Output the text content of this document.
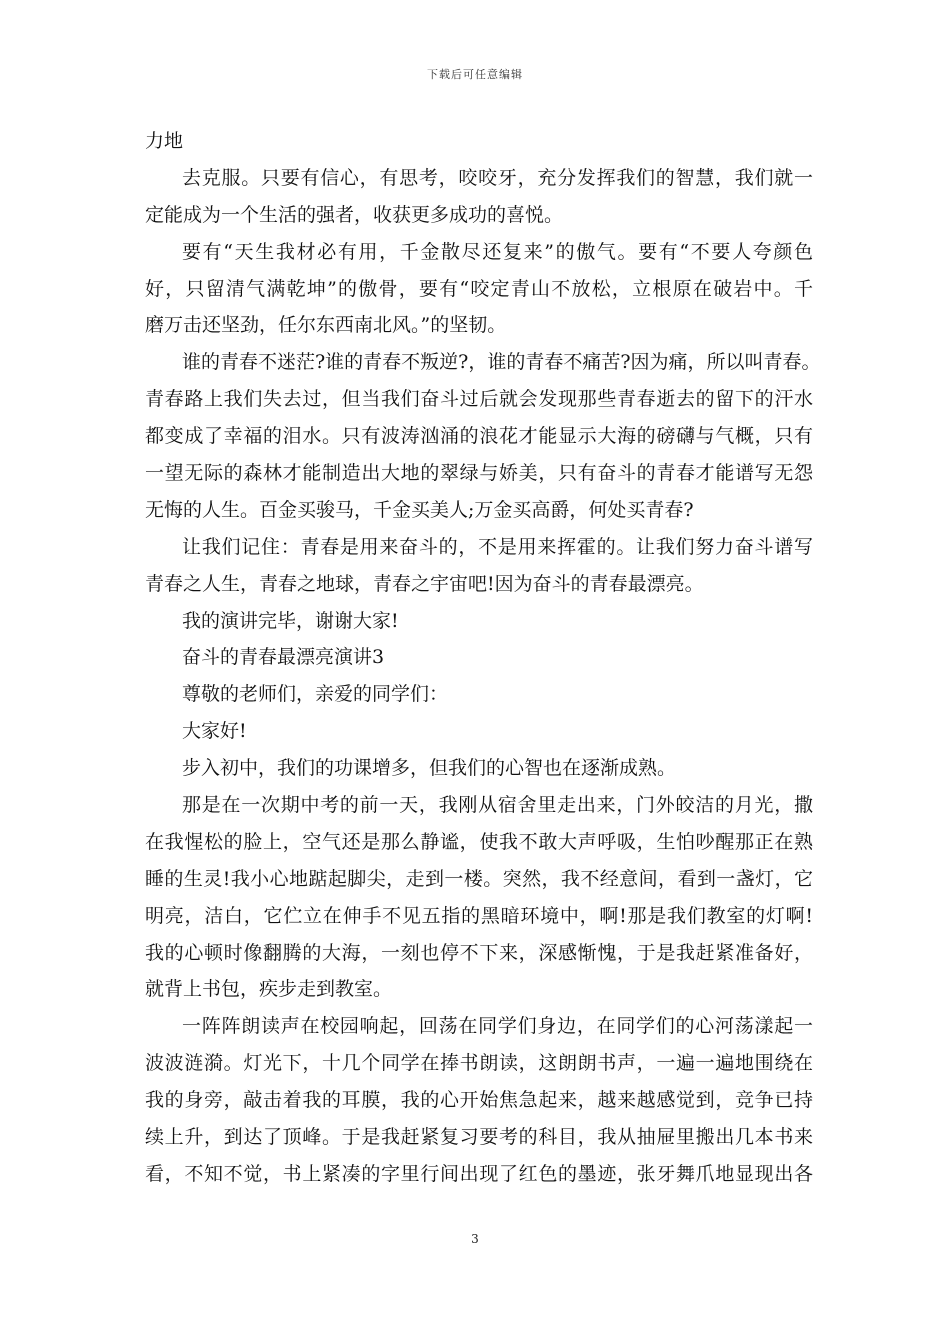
下载后可任意编辑
力地
去克服。只要有信心，有思考，咬咬牙，充分发挥我们的智慧，我们就一
定能成为一个生活的强者，收获更多成功的喜悦。
要有“天生我材必有用，千金散尽还复来”的傲气。要有“不要人夸颜色
好，只留清气满乾坤”的傲骨，要有“咬定青山不放松，立根原在破岩中。千
磨万击还坚劲，任尔东西南北风。”的坚韧。
谁的青春不迷茫?谁的青春不叛逆?，谁的青春不痛苦?因为痛，所以叫青春。
青春路上我们失去过，但当我们奋斗过后就会发现那些青春逝去的留下的汗水
都变成了幸福的泪水。只有波涛汹涌的浪花才能显示大海的磅礴与气概，只有
一望无际的森林才能制造出大地的翠绿与娇美，只有奋斗的青春才能谱写无怨
无悔的人生。百金买骏马，千金买美人;万金买高爵，何处买青春?
让我们记住：青春是用来奋斗的，不是用来挥霍的。让我们努力奋斗谱写
青春之人生，青春之地球，青春之宇宙吧!因为奋斗的青春最漂亮。
我的演讲完毕，谢谢大家!
奋斗的青春最漂亮演讲3
尊敬的老师们，亲爱的同学们：
大家好!
步入初中，我们的功课增多，但我们的心智也在逐渐成熟。
那是在一次期中考的前一天，我刚从宿舍里走出来，门外皎洁的月光，撒
在我惺松的脸上，空气还是那么静谧，使我不敢大声呼吸，生怕吵醒那正在熟
睡的生灵!我小心地踮起脚尖，走到一楼。突然，我不经意间，看到一盏灯，它
明亮，洁白，它伫立在伸手不见五指的黑暗环境中，啊!那是我们教室的灯啊!
我的心顿时像翻腾的大海，一刻也停不下来，深感惭愧，于是我赶紧准备好，
就背上书包，疾步走到教室。
一阵阵朗读声在校园响起，回荡在同学们身边，在同学们的心河荡漾起一
波波涟漪。灯光下，十几个同学在捧书朗读，这朗朗书声，一遍一遍地围绕在
我的身旁，敲击着我的耳膜，我的心开始焦急起来，越来越感觉到，竞争已持
续上升，到达了顶峰。于是我赶紧复习要考的科目，我从抽屉里搬出几本书来
看，不知不觉，书上紧凑的字里行间出现了红色的墨迹，张牙舞爪地显现出各
3
